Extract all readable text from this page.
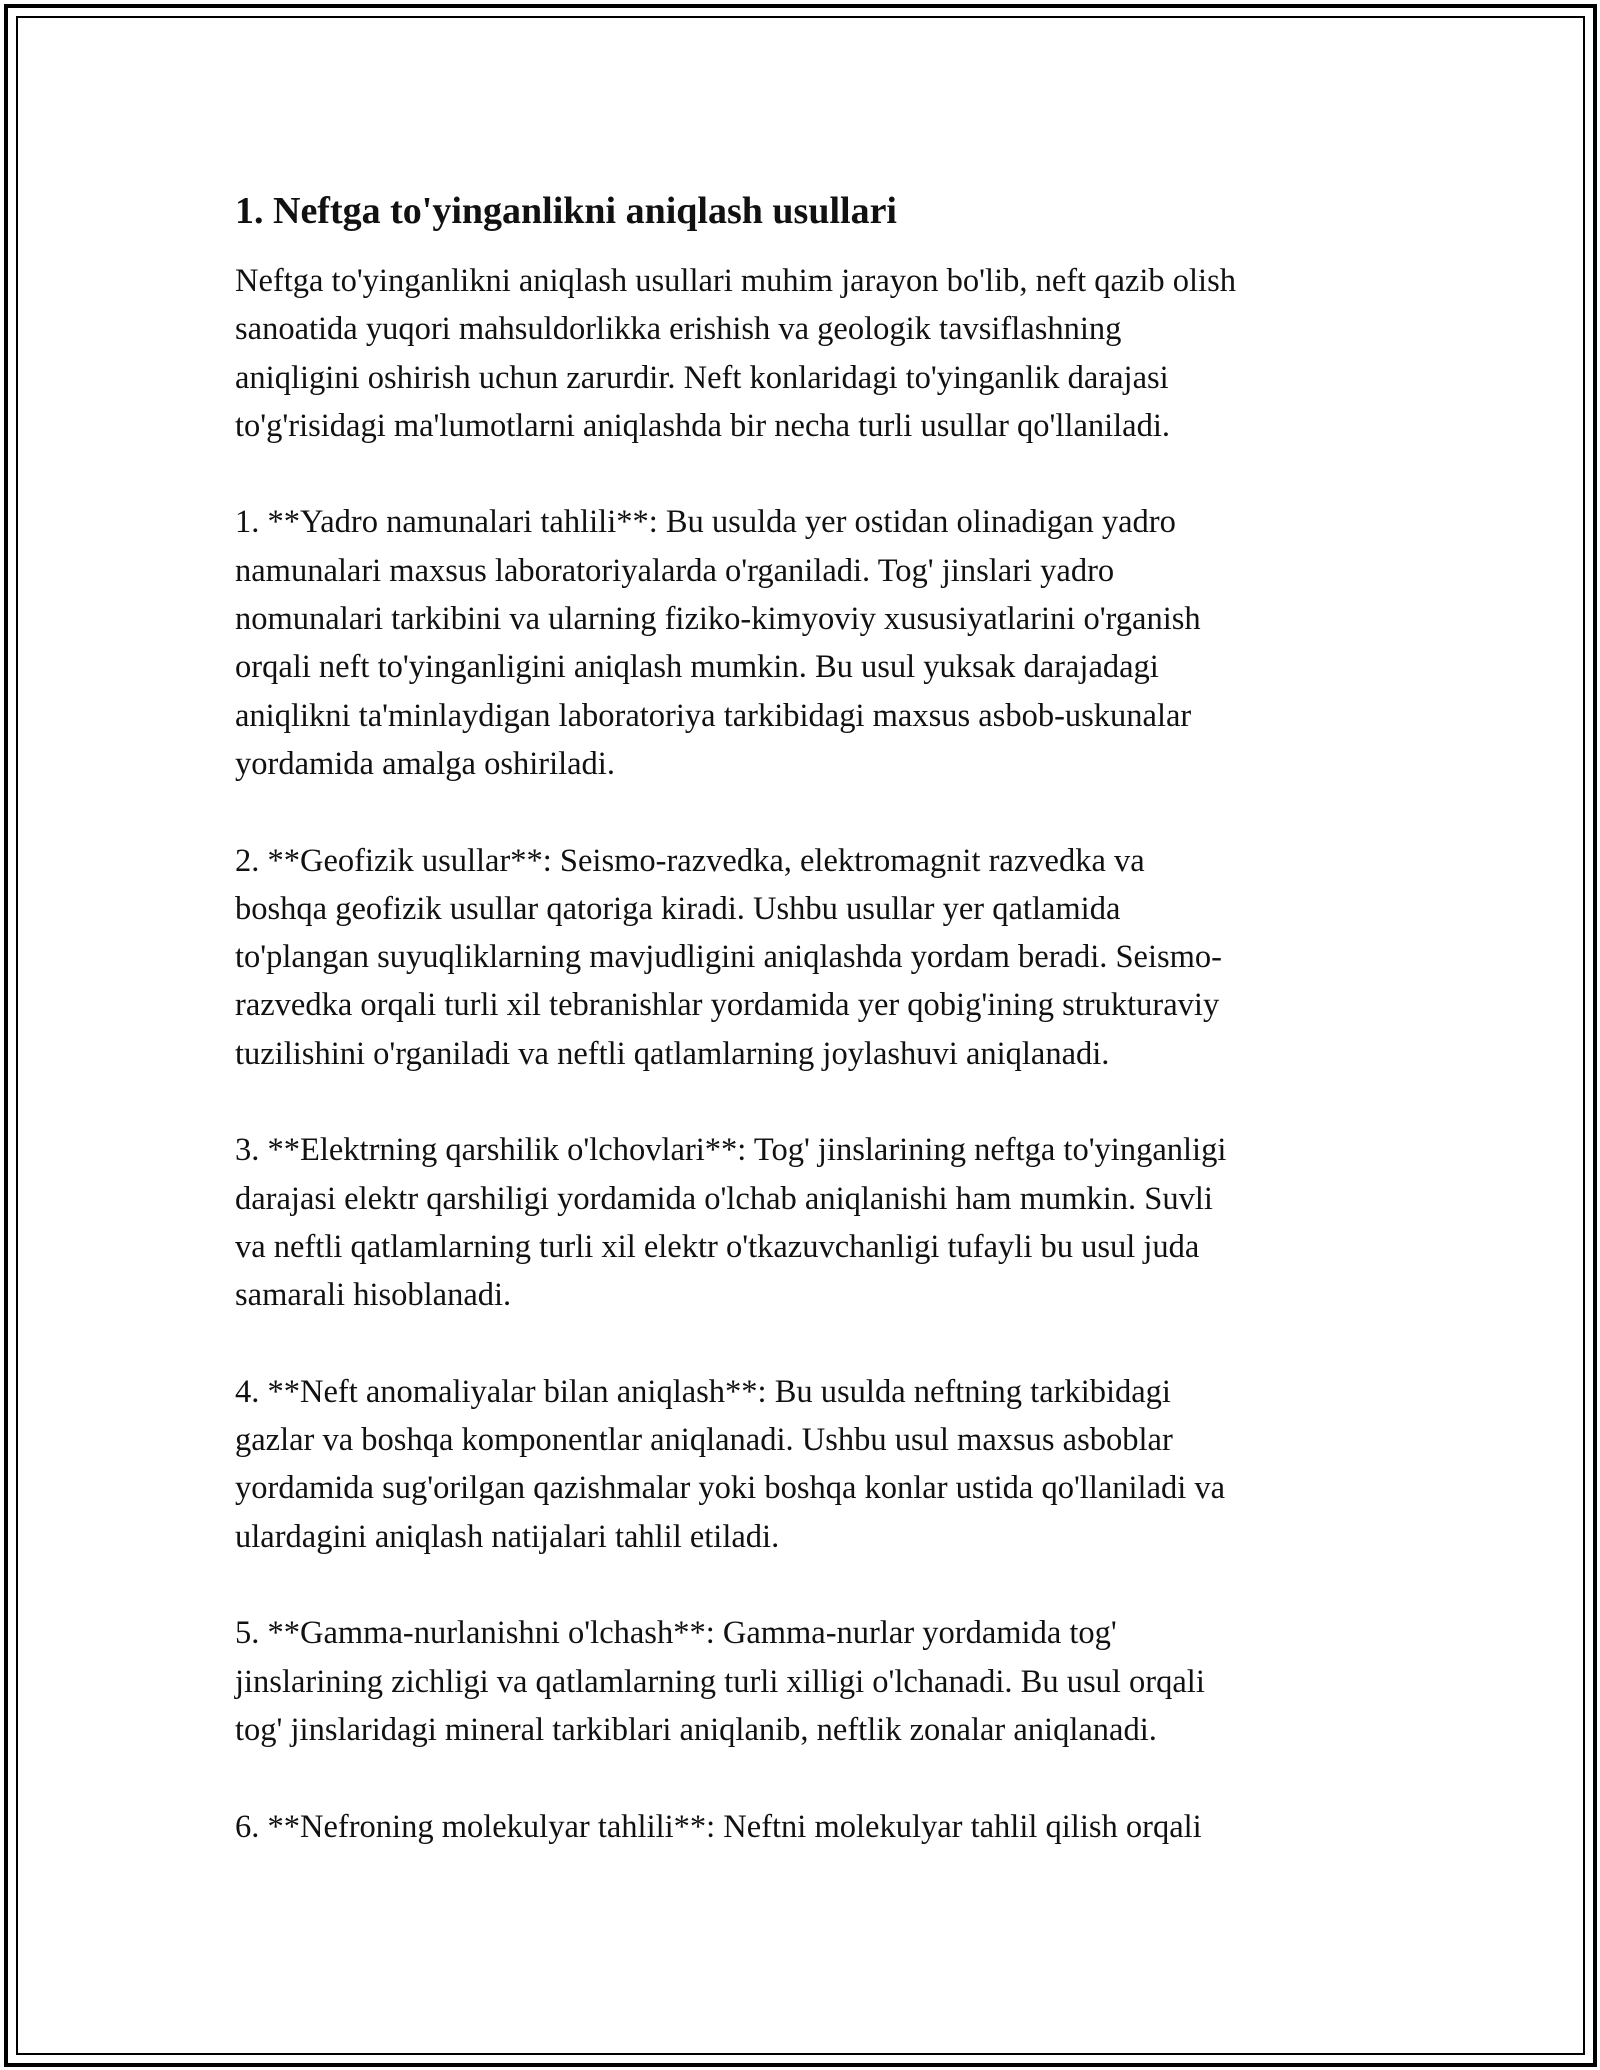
1. Neftga to'yinganlikni aniqlash usullari

Neftga to'yinganlikni aniqlash usullari muhim jarayon bo'lib, neft qazib olish
sanoatida yuqori mahsuldorlikka erishish va geologik tavsiflashning
aniqligini oshirish uchun zarurdir. Neft konlaridagi to'yinganlik darajasi
to'g'risidagi ma'lumotlarni aniqlashda bir necha turli usullar qo'llaniladi.

1. **Yadro namunalari tahlili**: Bu usulda yer ostidan olinadigan yadro
namunalari maxsus laboratoriyalarda o'rganiladi. Tog' jinslari yadro
nomunalari tarkibini va ularning fiziko-kimyoviy xususiyatlarini o'rganish
orqali neft to'yinganligini aniqlash mumkin. Bu usul yuksak darajadagi
aniqlikni ta'minlaydigan laboratoriya tarkibidagi maxsus asbob-uskunalar
yordamida amalga oshiriladi.

2. **Geofizik usullar**: Seismo-razvedka, elektromagnit razvedka va
boshqa geofizik usullar qatoriga kiradi. Ushbu usullar yer qatlamida
to'plangan suyuqliklarning mavjudligini aniqlashda yordam beradi. Seismo-
razvedka orqali turli xil tebranishlar yordamida yer qobig'ining strukturaviy
tuzilishini o'rganiladi va neftli qatlamlarning joylashuvi aniqlanadi.

3. **Elektrning qarshilik o'lchovlari**: Tog' jinslarining neftga to'yinganligi
darajasi elektr qarshiligi yordamida o'lchab aniqlanishi ham mumkin. Suvli
va neftli qatlamlarning turli xil elektr o'tkazuvchanligi tufayli bu usul juda
samarali hisoblanadi.

4. **Neft anomaliyalar bilan aniqlash**: Bu usulda neftning tarkibidagi
gazlar va boshqa komponentlar aniqlanadi. Ushbu usul maxsus asboblar
yordamida sug'orilgan qazishmalar yoki boshqa konlar ustida qo'llaniladi va
ulardagini aniqlash natijalari tahlil etiladi.

5. **Gamma-nurlanishni o'lchash**: Gamma-nurlar yordamida tog'
jinslarining zichligi va qatlamlarning turli xilligi o'lchanadi. Bu usul orqali
tog' jinslaridagi mineral tarkiblari aniqlanib, neftlik zonalar aniqlanadi.

6. **Nefroning molekulyar tahlili**: Neftni molekulyar tahlil qilish orqali
